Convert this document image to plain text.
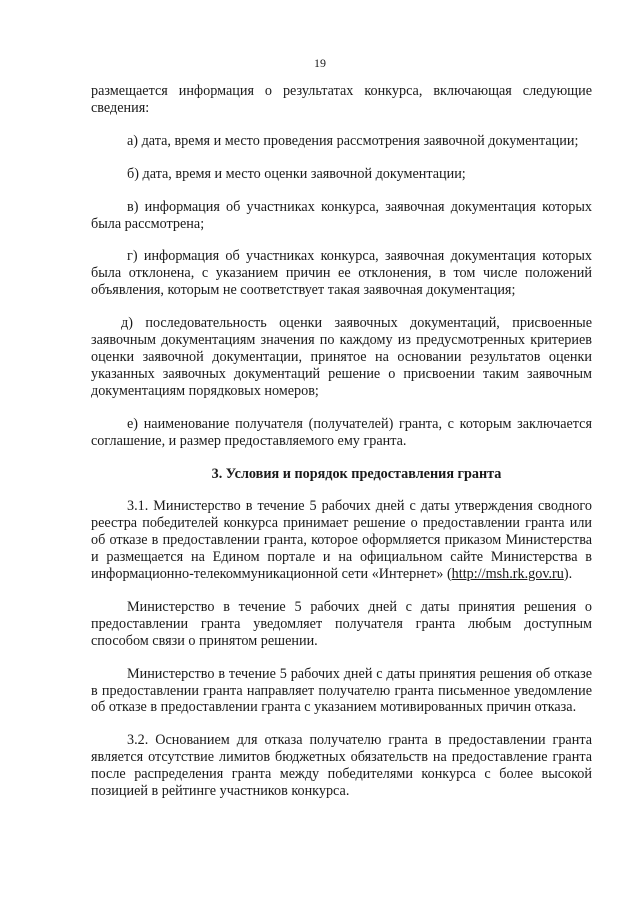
19

размещается информация о результатах конкурса, включающая следующие сведения:

а) дата, время и место проведения рассмотрения заявочной документации;

б) дата, время и место оценки заявочной документации;

в) информация об участниках конкурса, заявочная документация которых была рассмотрена;

г) информация об участниках конкурса, заявочная документация которых была отклонена, с указанием причин ее отклонения, в том числе положений объявления, которым не соответствует такая заявочная документация;

д) последовательность оценки заявочных документаций, присвоенные заявочным документациям значения по каждому из предусмотренных критериев оценки заявочной документации, принятое на основании результатов оценки указанных заявочных документаций решение о присвоении таким заявочным документациям порядковых номеров;

е) наименование получателя (получателей) гранта, с которым заключается соглашение, и размер предоставляемого ему гранта.

3. Условия и порядок предоставления гранта

3.1. Министерство в течение 5 рабочих дней с даты утверждения сводного реестра победителей конкурса принимает решение о предоставлении гранта или об отказе в предоставлении гранта, которое оформляется приказом Министерства и размещается на Едином портале и на официальном сайте Министерства в информационно-телекоммуникационной сети «Интернет» (http://msh.rk.gov.ru).

Министерство в течение 5 рабочих дней с даты принятия решения о предоставлении гранта уведомляет получателя гранта любым доступным способом связи о принятом решении.

Министерство в течение 5 рабочих дней с даты принятия решения об отказе в предоставлении гранта направляет получателю гранта письменное уведомление об отказе в предоставлении гранта с указанием мотивированных причин отказа.

3.2. Основанием для отказа получателю гранта в предоставлении гранта является отсутствие лимитов бюджетных обязательств на предоставление гранта после распределения гранта между победителями конкурса с более высокой позицией в рейтинге участников конкурса.
